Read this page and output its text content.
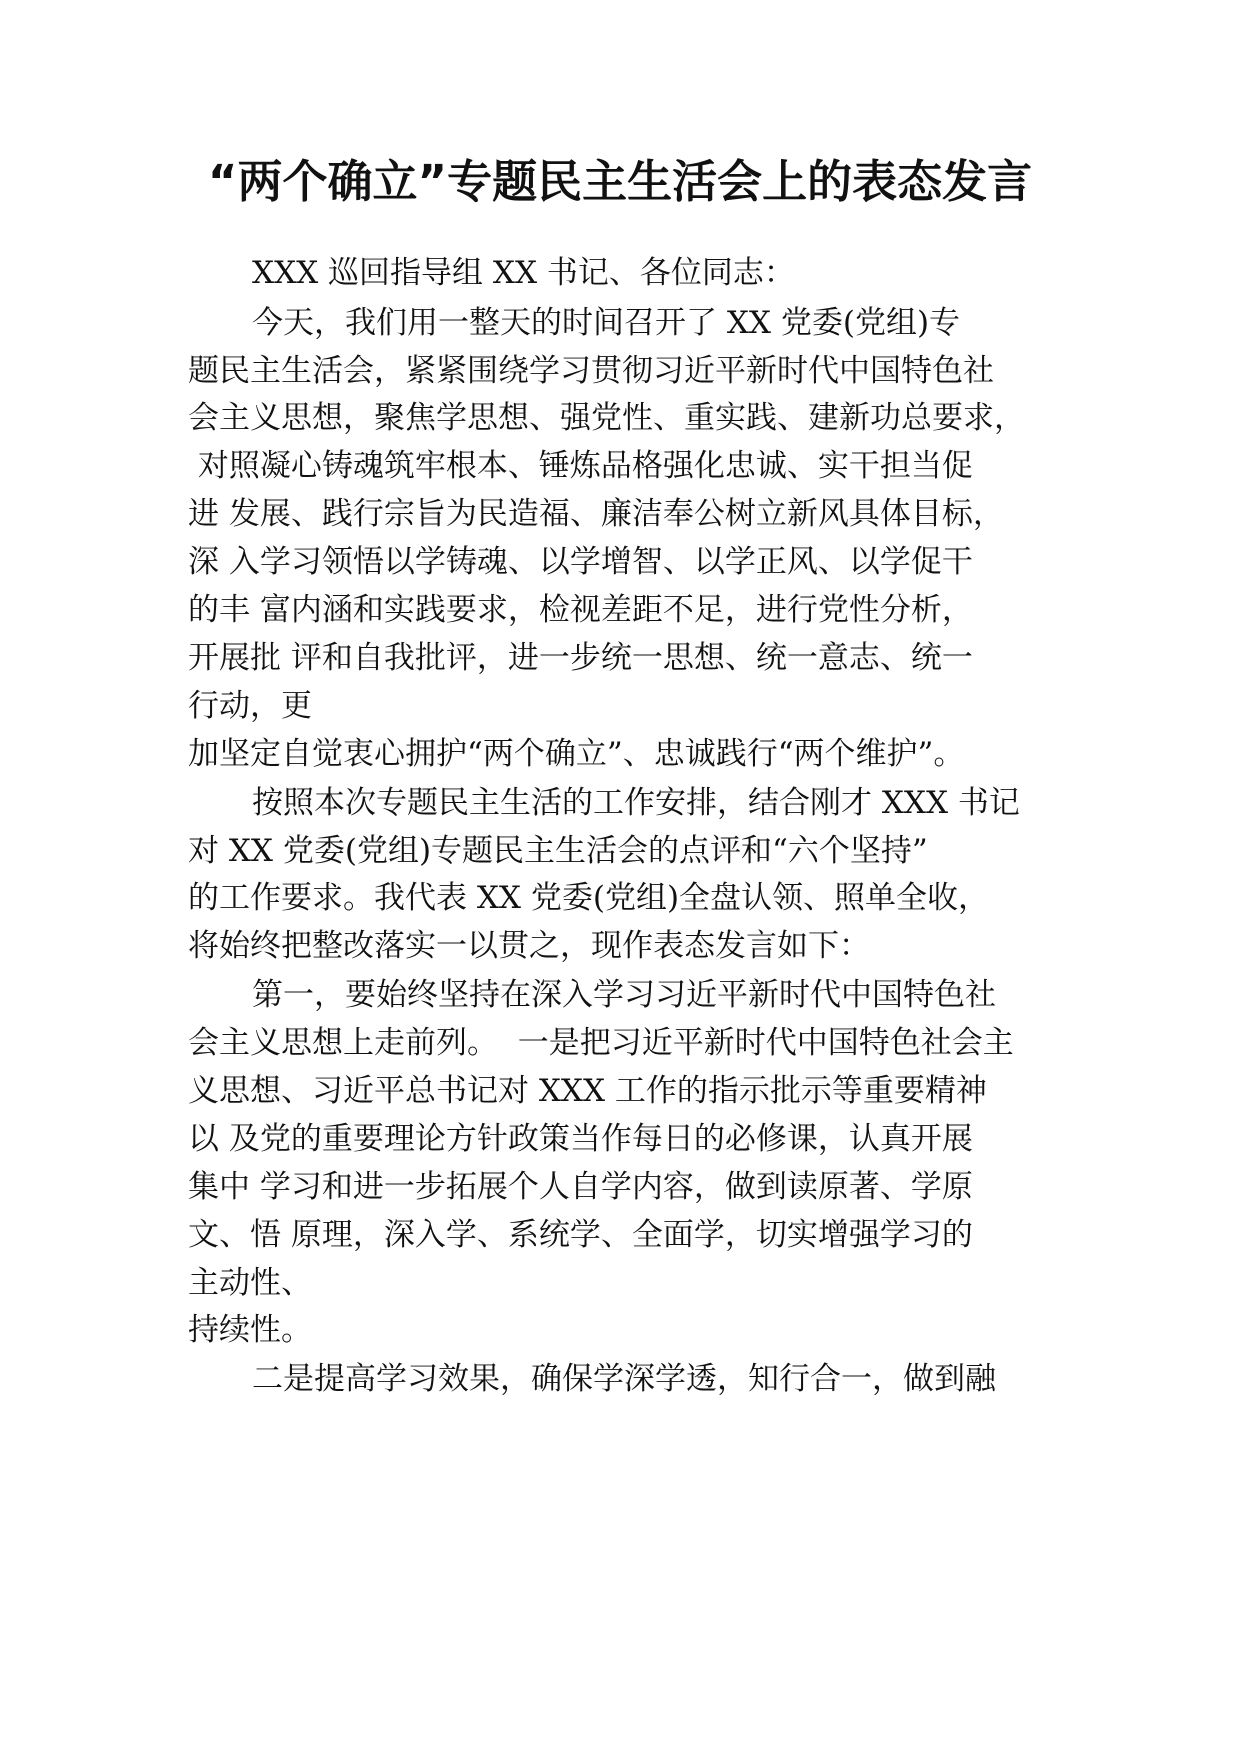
“两个确立”专题民主生活会上的表态发言

XXX 巡回指导组 XX 书记、各位同志：

今天，我们用一整天的时间召开了 XX 党委(党组)专

题民主生活会，紧紧围绕学习贯彻习近平新时代中国特色社

会主义思想，聚焦学思想、强党性、重实践、建新功总要求，

对照凝心铸魂筑牢根本、锤炼品格强化忠诚、实干担当促

进 发展、践行宗旨为民造福、廉洁奉公树立新风具体目标，

深 入学习领悟以学铸魂、以学增智、以学正风、以学促干

的丰 富内涵和实践要求，检视差距不足，进行党性分析，

开展批 评和自我批评，进一步统一思想、统一意志、统一

行动，更

加坚定自觉衷心拥护“两个确立”、忠诚践行“两个维护”。

按照本次专题民主生活的工作安排，结合刚才 XXX 书记

对 XX 党委(党组)专题民主生活会的点评和“六个坚持”

的工作要求。我代表 XX 党委(党组)全盘认领、照单全收，

将始终把整改落实一以贯之，现作表态发言如下：

第一，要始终坚持在深入学习习近平新时代中国特色社

会主义思想上走前列。  一是把习近平新时代中国特色社会主

义思想、习近平总书记对 XXX 工作的指示批示等重要精神

以 及党的重要理论方针政策当作每日的必修课，认真开展

集中 学习和进一步拓展个人自学内容，做到读原著、学原

文、悟 原理，深入学、系统学、全面学，切实增强学习的

主动性、

持续性。

二是提高学习效果，确保学深学透，知行合一，做到融
